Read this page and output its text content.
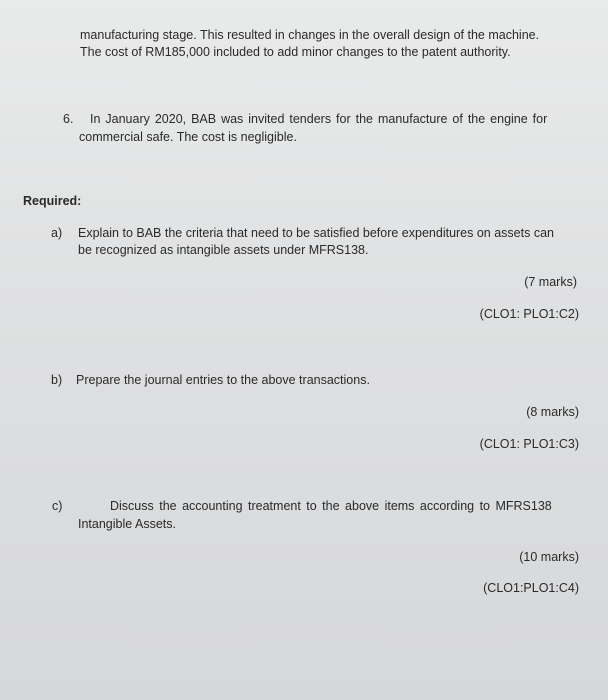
manufacturing stage. This resulted in changes in the overall design of the machine.
The cost of RM185,000 included to add minor changes to the patent authority.
6. In January 2020, BAB was invited tenders for the manufacture of the engine for
commercial safe. The cost is negligible.
Required:
a) Explain to BAB the criteria that need to be satisfied before expenditures on assets can
be recognized as intangible assets under MFRS138.
(7 marks)
(CLO1: PLO1:C2)
b) Prepare the journal entries to the above transactions.
(8 marks)
(CLO1: PLO1:C3)
c)	Discuss the accounting treatment to the above items according to MFRS138
Intangible Assets.
(10 marks)
(CLO1:PLO1:C4)
